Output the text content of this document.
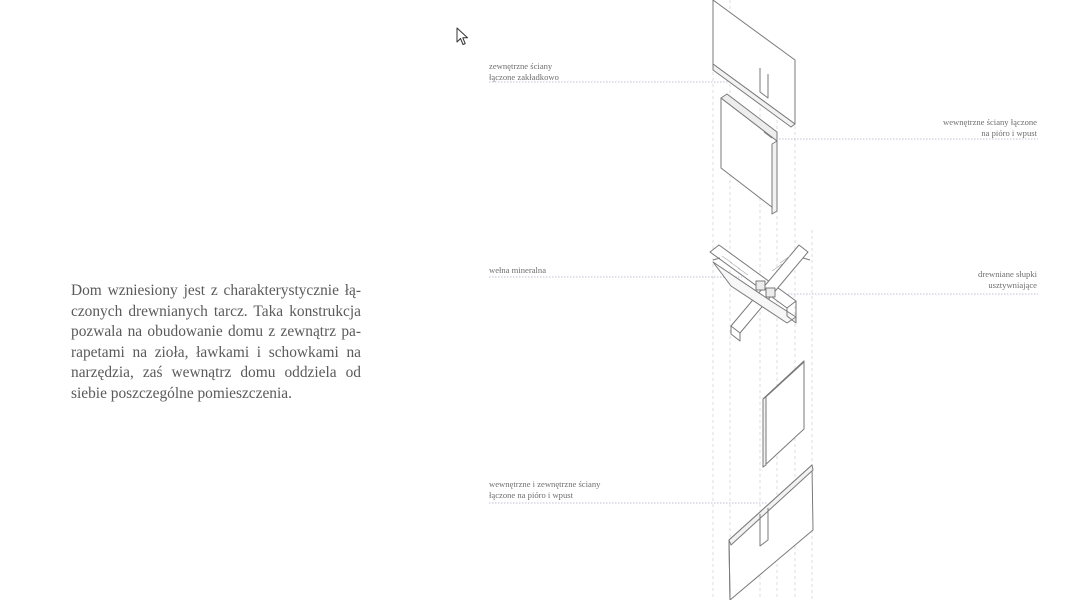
Dom wzniesiony jest z charakterystycznie łą-
czonych drewnianych tarcz. Taka konstrukcja
pozwala na obudowanie domu z zewnątrz pa-
rapetami na zioła, ławkami i schowkami na
narzędzia, zaś wewnątrz domu oddziela od
siebie poszczególne pomieszczenia.

zewnętrzne ściany
łączone zakładkowo
wewnętrzne ściany łączone
na pióro i wpust
wełna mineralna	drewniane słupki
usztywniające
wewnętrzne i zewnętrzne ściany
łączone na pióro i wpust
